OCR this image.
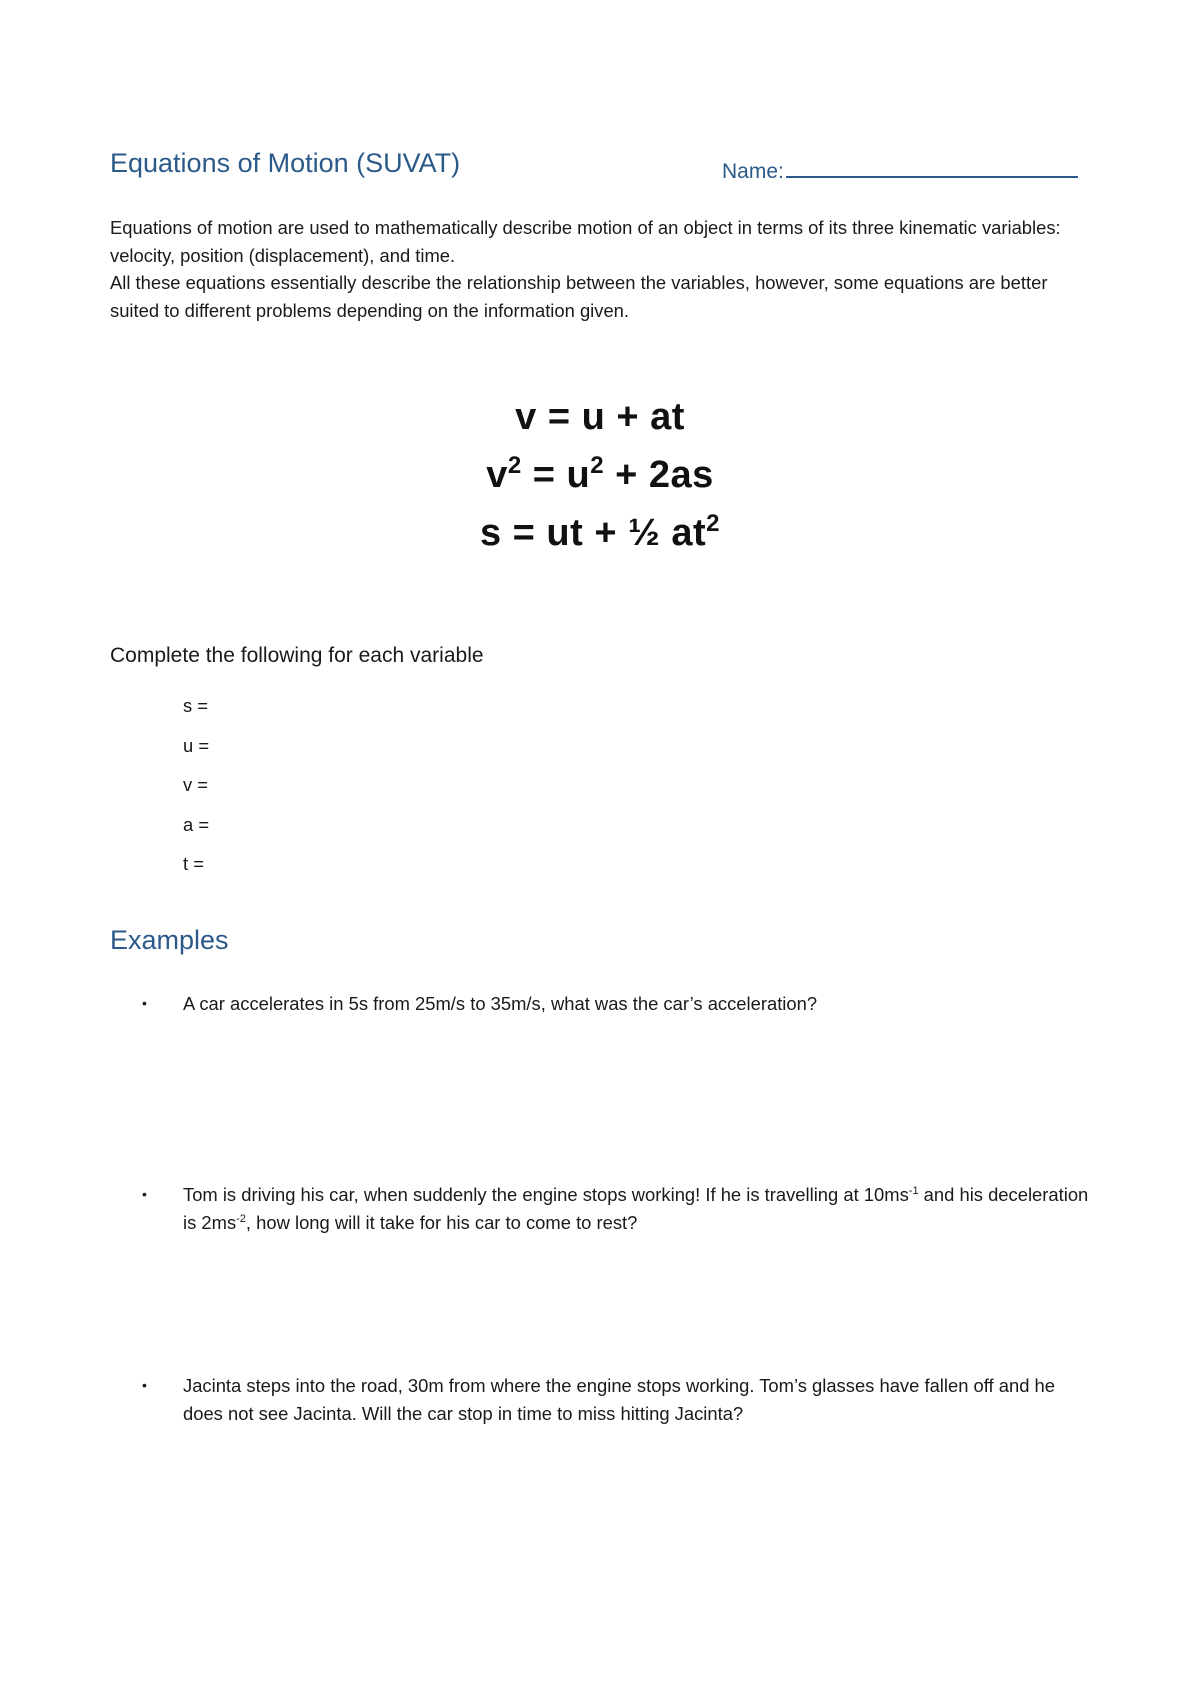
Equations of Motion (SUVAT)	Name:

Equations of motion are used to mathematically describe motion of an object in terms of its three kinematic variables: velocity, position (displacement), and time.

All these equations essentially describe the relationship between the variables, however, some equations are better suited to different problems depending on the information given.

v = u + at
$v^2 = u^2 + 2as$
s = ut + ½ $at^2$
Complete the following for each variable
s =
u =
v =
a =
t =
Examples
• A car accelerates in 5s from 25m/s to 35m/s, what was the car’s acceleration?
• Tom is driving his car, when suddenly the engine stops working! If he is travelling at $10ms^{-1}$ and his deceleration is $2ms^{-2}$, how long will it take for his car to come to rest?
• Jacinta steps into the road, 30m from where the engine stops working. Tom’s glasses have fallen off and he does not see Jacinta. Will the car stop in time to miss hitting Jacinta?
